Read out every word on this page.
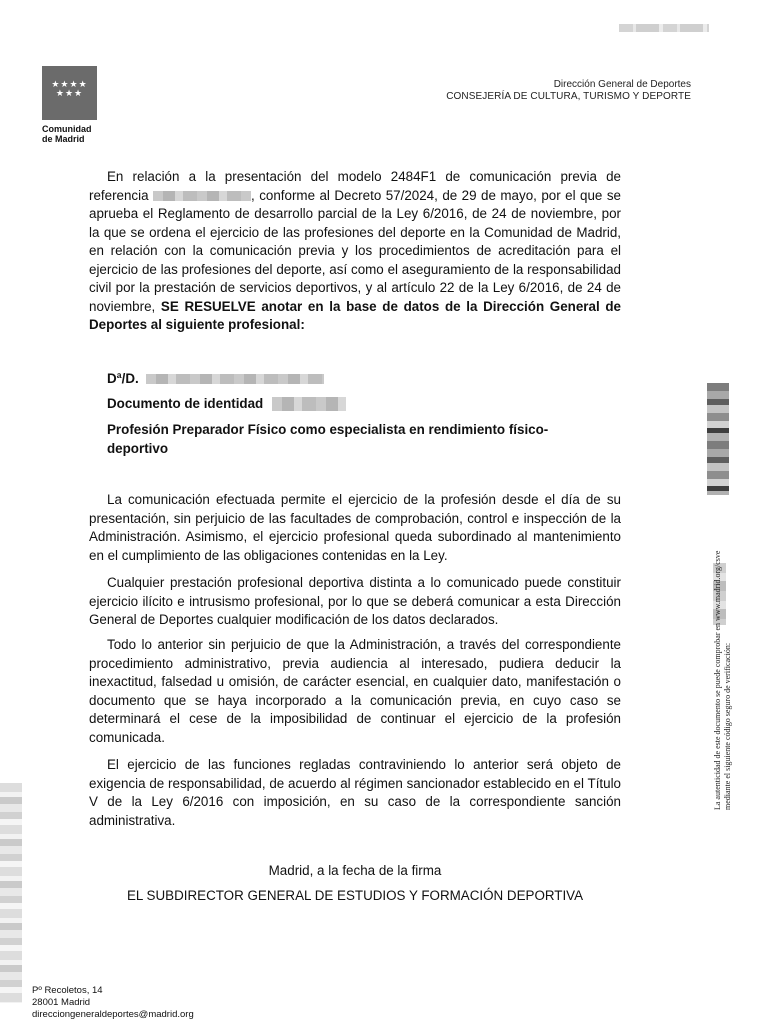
★★★★
★★★
Comunidad
de Madrid
Dirección General de Deportes
CONSEJERÍA DE CULTURA, TURISMO Y DEPORTE
En relación a la presentación del modelo 2484F1 de comunicación previa de referencia	, conforme al Decreto 57/2024, de 29 de mayo, por el que se aprueba el Reglamento de desarrollo parcial de la Ley 6/2016, de 24 de noviembre, por la que se ordena el ejercicio de las profesiones del deporte en la Comunidad de Madrid, en relación con la comunicación previa y los procedimientos de acreditación para el ejercicio de las profesiones del deporte, así como el aseguramiento de la responsabilidad civil por la prestación de servicios deportivos, y al artículo 22 de la Ley 6/2016, de 24 de noviembre, SE RESUELVE anotar en la base de datos de la Dirección General de Deportes al siguiente profesional:
Dª/D.
Documento de identidad
Profesión Preparador Físico como especialista en rendimiento físico-deportivo
La comunicación efectuada permite el ejercicio de la profesión desde el día de su presentación, sin perjuicio de las facultades de comprobación, control e inspección de la Administración. Asimismo, el ejercicio profesional queda subordinado al mantenimiento en el cumplimiento de las obligaciones contenidas en la Ley.
Cualquier prestación profesional deportiva distinta a lo comunicado puede constituir ejercicio ilícito e intrusismo profesional, por lo que se deberá comunicar a esta Dirección General de Deportes cualquier modificación de los datos declarados.
Todo lo anterior sin perjuicio de que la Administración, a través del correspondiente procedimiento administrativo, previa audiencia al interesado, pudiera deducir la inexactitud, falsedad u omisión, de carácter esencial, en cualquier dato, manifestación o documento que se haya incorporado a la comunicación previa, en cuyo caso se determinará el cese de la imposibilidad de continuar el ejercicio de la profesión comunicada.
El ejercicio de las funciones regladas contraviniendo lo anterior será objeto de exigencia de responsabilidad, de acuerdo al régimen sancionador establecido en el Título V de la Ley 6/2016 con imposición, en su caso de la correspondiente sanción administrativa.
Madrid, a la fecha de la firma
EL SUBDIRECTOR GENERAL DE ESTUDIOS Y FORMACIÓN DEPORTIVA
Pº Recoletos, 14
28001 Madrid
direcciongeneraldeportes@madrid.org
La autenticidad de este documento se puede comprobar en www.madrid.org/csve
mediante el siguiente código seguro de verificación:
